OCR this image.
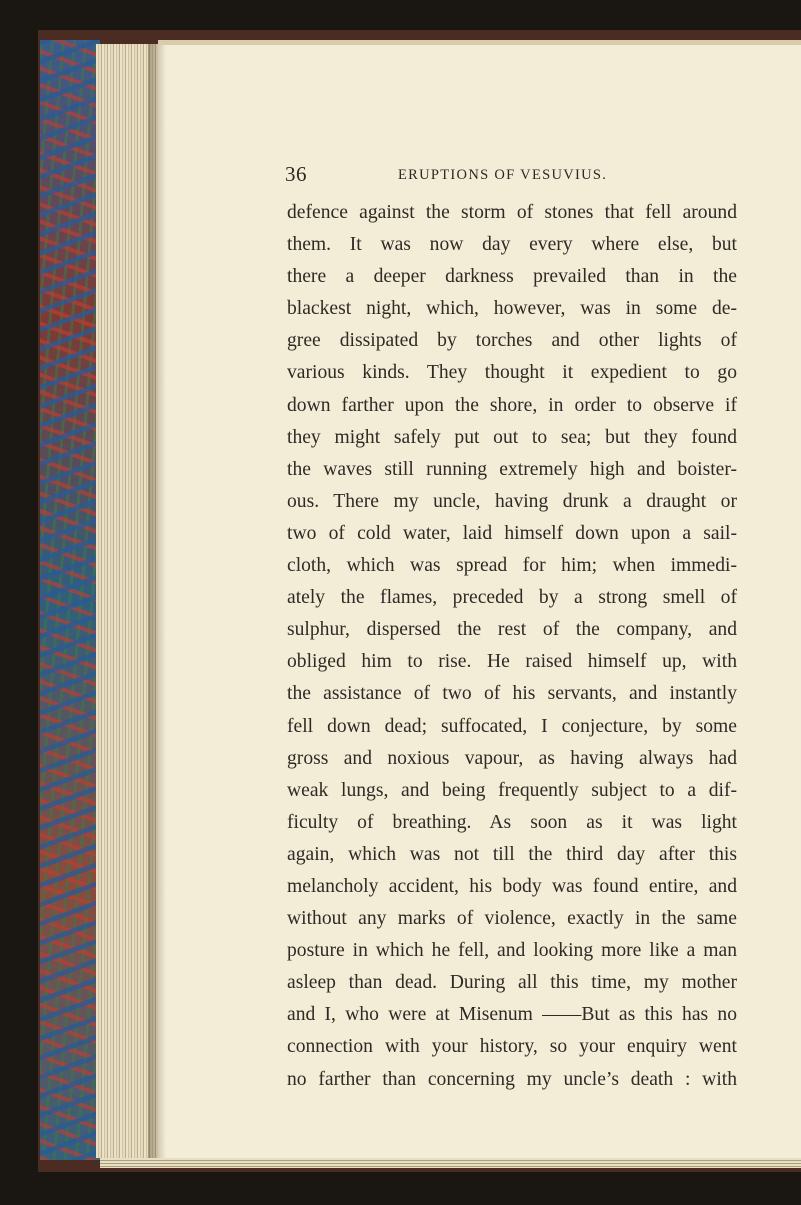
36	ERUPTIONS OF VESUVIUS.
defence against the storm of stones that fell around
them. It was now day every where else, but
there a deeper darkness prevailed than in the
blackest night, which, however, was in some de-
gree dissipated by torches and other lights of
various kinds. They thought it expedient to go
down farther upon the shore, in order to observe if
they might safely put out to sea; but they found
the waves still running extremely high and boister-
ous. There my uncle, having drunk a draught or
two of cold water, laid himself down upon a sail-
cloth, which was spread for him; when immedi-
ately the flames, preceded by a strong smell of
sulphur, dispersed the rest of the company, and
obliged him to rise. He raised himself up, with
the assistance of two of his servants, and instantly
fell down dead; suffocated, I conjecture, by some
gross and noxious vapour, as having always had
weak lungs, and being frequently subject to a dif-
ficulty of breathing. As soon as it was light
again, which was not till the third day after this
melancholy accident, his body was found entire, and
without any marks of violence, exactly in the same
posture in which he fell, and looking more like a man
asleep than dead. During all this time, my mother
and I, who were at Misenum ——But as this has no
connection with your history, so your enquiry went
no farther than concerning my uncle’s death : with
